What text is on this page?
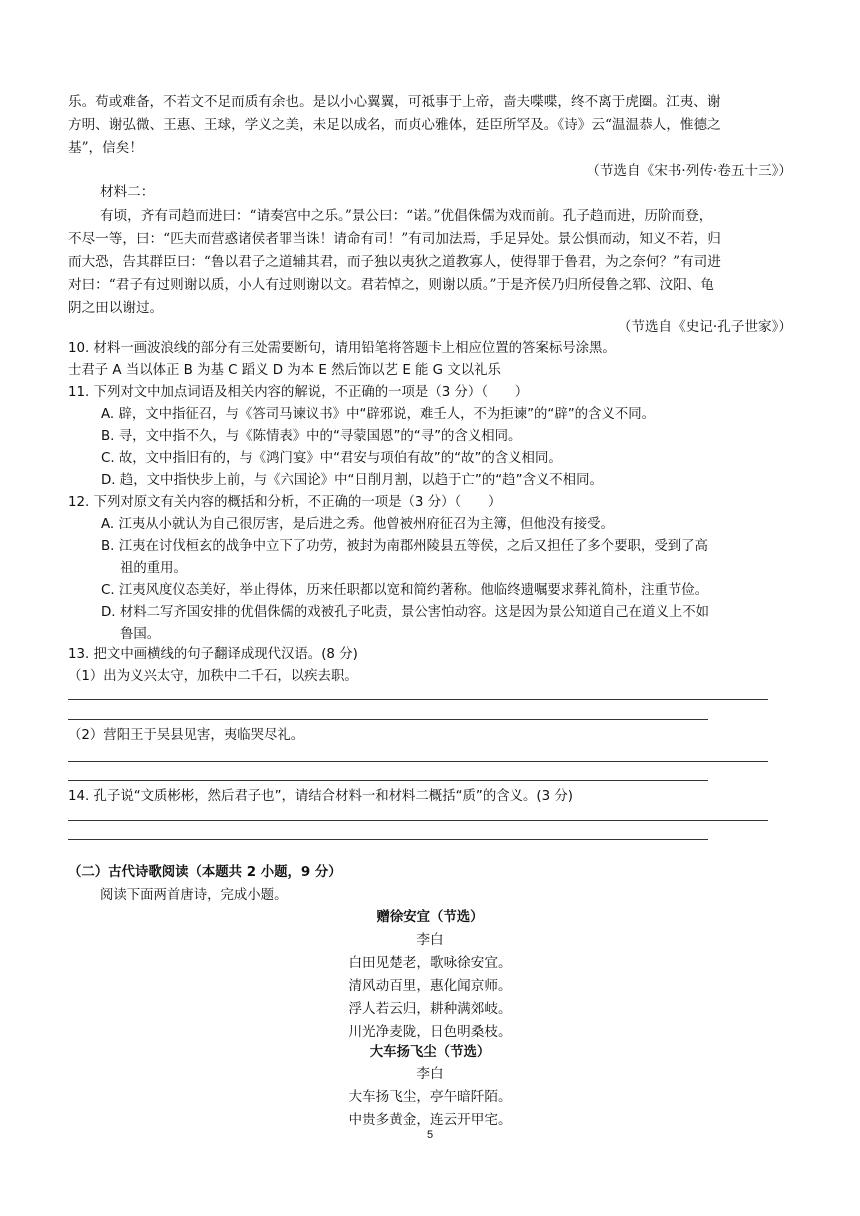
乐。苟或难备，不若文不足而质有余也。是以小心翼翼，可祗事于上帝，啬夫喋喋，终不离于虎圈。江夷、谢
方明、谢弘微、王惠、王球，学义之美，未足以成名，而贞心雅体，廷臣所罕及。《诗》云“温温恭人，惟德之
基”，信矣！
（节选自《宋书·列传·卷五十三》）
材料二：
有顷，齐有司趋而进曰：“请奏宫中之乐。”景公曰：“诺。”优倡侏儒为戏而前。孔子趋而进，历阶而登，
不尽一等，曰：“匹夫而营惑诸侯者罪当诛！请命有司！”有司加法焉，手足异处。景公惧而动，知义不若，归
而大恐，告其群臣曰：“鲁以君子之道辅其君，而子独以夷狄之道教寡人，使得罪于鲁君，为之奈何？”有司进
对曰：“君子有过则谢以质，小人有过则谢以文。君若悼之，则谢以质。”于是齐侯乃归所侵鲁之郓、汶阳、龟
阴之田以谢过。
（节选自《史记·孔子世家》）
10. 材料一画波浪线的部分有三处需要断句，请用铅笔将答题卡上相应位置的答案标号涂黑。
士君子 A 当以体正 B 为基 C 蹈义 D 为本 E 然后饰以艺 E 能 G 文以礼乐
11. 下列对文中加点词语及相关内容的解说，不正确的一项是（3 分）（　　）
A. 辟，文中指征召，与《答司马谏议书》中“辟邪说，难壬人，不为拒谏”的“辟”的含义不同。
B. 寻，文中指不久，与《陈情表》中的“寻蒙国恩”的“寻”的含义相同。
C. 故，文中指旧有的，与《鸿门宴》中“君安与项伯有故”的“故”的含义相同。
D. 趋，文中指快步上前，与《六国论》中“日削月割，以趋于亡”的“趋”含义不相同。
12. 下列对原文有关内容的概括和分析，不正确的一项是（3 分）（　　）
A. 江夷从小就认为自己很厉害，是后进之秀。他曾被州府征召为主簿，但他没有接受。
B. 江夷在讨伐桓玄的战争中立下了功劳，被封为南郡州陵县五等侯，之后又担任了多个要职，受到了高
祖的重用。
C. 江夷风度仪态美好，举止得体，历来任职都以宽和简约著称。他临终遗嘱要求葬礼简朴，注重节俭。
D. 材料二写齐国安排的优倡侏儒的戏被孔子叱责，景公害怕动容。这是因为景公知道自己在道义上不如
鲁国。
13. 把文中画横线的句子翻译成现代汉语。(8 分)
（1）出为义兴太守，加秩中二千石，以疾去职。
（2）营阳王于吴县见害，夷临哭尽礼。
14. 孔子说“文质彬彬，然后君子也”，请结合材料一和材料二概括“质”的含义。(3 分)
（二）古代诗歌阅读（本题共 2 小题，9 分）
阅读下面两首唐诗，完成小题。
赠徐安宜（节选）
李白
白田见楚老，歌咏徐安宜。
清风动百里，惠化闻京师。
浮人若云归，耕种满郊岐。
川光净麦陇，日色明桑枝。
大车扬飞尘（节选）
李白
大车扬飞尘，亭午暗阡陌。
中贵多黄金，连云开甲宅。
5
